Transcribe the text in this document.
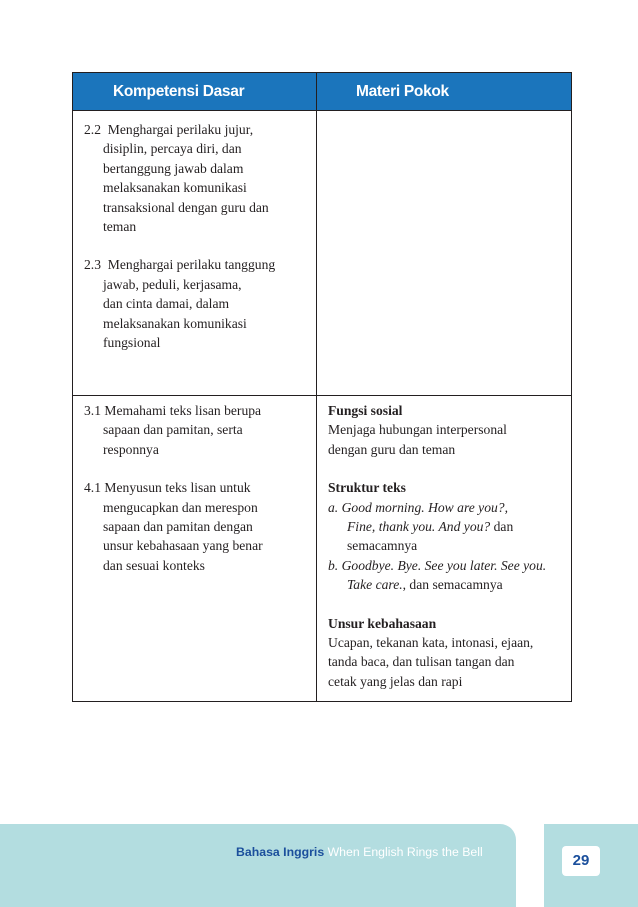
Kompetensi Dasar	Materi Pokok
2.2 Menghargai perilaku jujur,
disiplin, percaya diri, dan
bertanggung jawab dalam
melaksanakan komunikasi
transaksional dengan guru dan
teman
2.3 Menghargai perilaku tanggung
jawab, peduli, kerjasama,
dan cinta damai, dalam
melaksanakan komunikasi
fungsional
3.1 Memahami teks lisan berupa
sapaan dan pamitan, serta
responnya
4.1 Menyusun teks lisan untuk
mengucapkan dan merespon
sapaan dan pamitan dengan
unsur kebahasaan yang benar
dan sesuai konteks
Fungsi sosial
Menjaga hubungan interpersonal
dengan guru dan teman
Struktur teks
a. Good morning. How are you?,
Fine, thank you. And you? dan
semacamnya
b. Goodbye. Bye. See you later. See you.
Take care., dan semacamnya
Unsur kebahasaan
Ucapan, tekanan kata, intonasi, ejaan,
tanda baca, dan tulisan tangan dan
cetak yang jelas dan rapi
Bahasa Inggris When English Rings the Bell	29
